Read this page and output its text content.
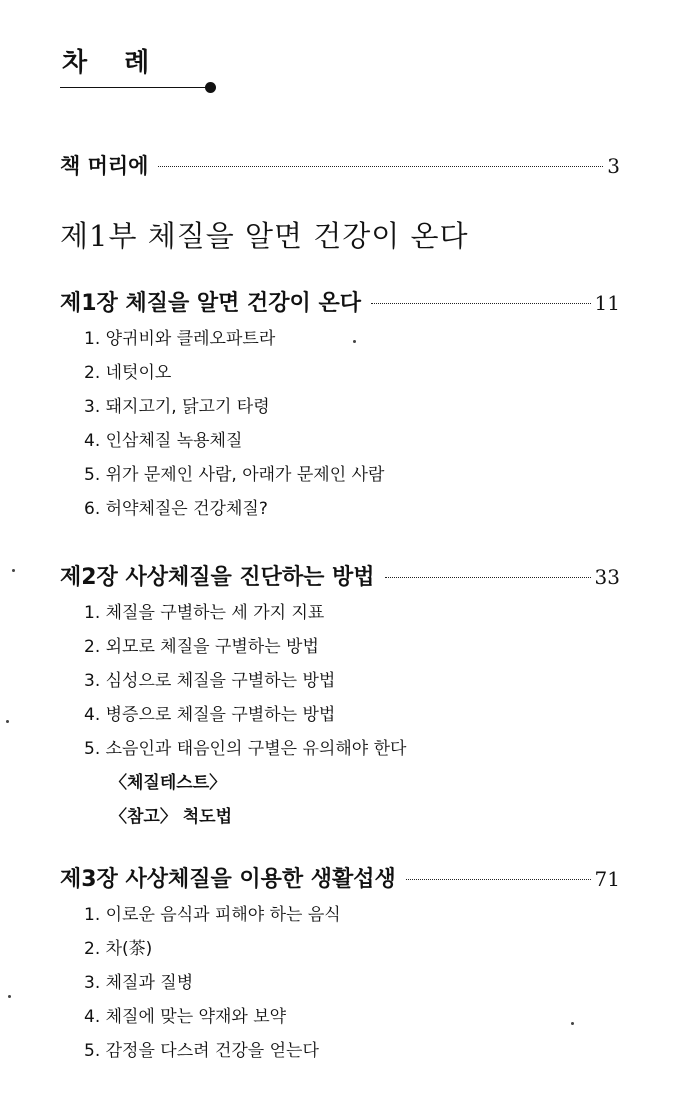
차 례
책 머리에	3
제1부 체질을 알면 건강이 온다
제1장 체질을 알면 건강이 온다	11
1. 양귀비와 클레오파트라
2. 네텃이오
3. 돼지고기, 닭고기 타령
4. 인삼체질 녹용체질
5. 위가 문제인 사람, 아래가 문제인 사람
6. 허약체질은 건강체질?
제2장 사상체질을 진단하는 방법	33
1. 체질을 구별하는 세 가지 지표
2. 외모로 체질을 구별하는 방법
3. 심성으로 체질을 구별하는 방법
4. 병증으로 체질을 구별하는 방법
5. 소음인과 태음인의 구별은 유의해야 한다
〈체질테스트〉
〈참고〉 척도법
제3장 사상체질을 이용한 생활섭생	71
1. 이로운 음식과 피해야 하는 음식
2. 차(茶)
3. 체질과 질병
4. 체질에 맞는 약재와 보약
5. 감정을 다스려 건강을 얻는다
